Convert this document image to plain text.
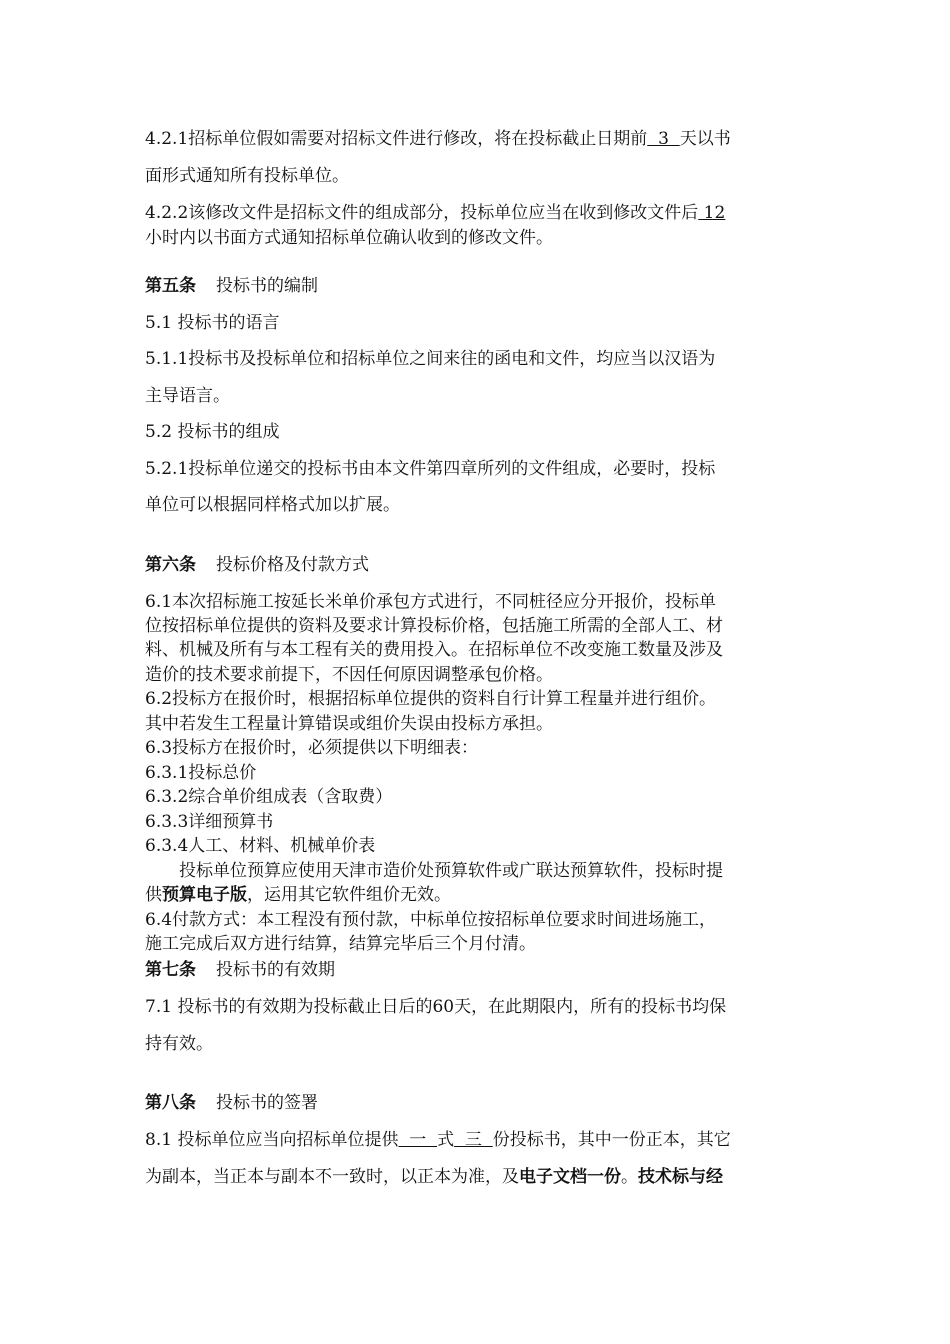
4.2.1招标单位假如需要对招标文件进行修改，将在投标截止日期前  3  天以书
面形式通知所有投标单位。
4.2.2该修改文件是招标文件的组成部分，投标单位应当在收到修改文件后 12
小时内以书面方式通知招标单位确认收到的修改文件。
第五条 投标书的编制
5.1 投标书的语言
5.1.1投标书及投标单位和招标单位之间来往的函电和文件，均应当以汉语为
主导语言。
5.2 投标书的组成
5.2.1投标单位递交的投标书由本文件第四章所列的文件组成，必要时，投标
单位可以根据同样格式加以扩展。
第六条 投标价格及付款方式
6.1本次招标施工按延长米单价承包方式进行，不同桩径应分开报价，投标单
位按招标单位提供的资料及要求计算投标价格，包括施工所需的全部人工、材
料、机械及所有与本工程有关的费用投入。在招标单位不改变施工数量及涉及
造价的技术要求前提下，不因任何原因调整承包价格。
6.2投标方在报价时，根据招标单位提供的资料自行计算工程量并进行组价。
其中若发生工程量计算错误或组价失误由投标方承担。
6.3投标方在报价时，必须提供以下明细表：
6.3.1投标总价
6.3.2综合单价组成表（含取费）
6.3.3详细预算书
6.3.4人工、材料、机械单价表
投标单位预算应使用天津市造价处预算软件或广联达预算软件，投标时提
供预算电子版，运用其它软件组价无效。
6.4付款方式：本工程没有预付款，中标单位按招标单位要求时间进场施工，
施工完成后双方进行结算，结算完毕后三个月付清。
第七条 投标书的有效期
7.1 投标书的有效期为投标截止日后的60天，在此期限内，所有的投标书均保
持有效。
第八条 投标书的签署
8.1 投标单位应当向招标单位提供  一  式  三  份投标书，其中一份正本，其它
为副本，当正本与副本不一致时，以正本为准，及电子文档一份。技术标与经
